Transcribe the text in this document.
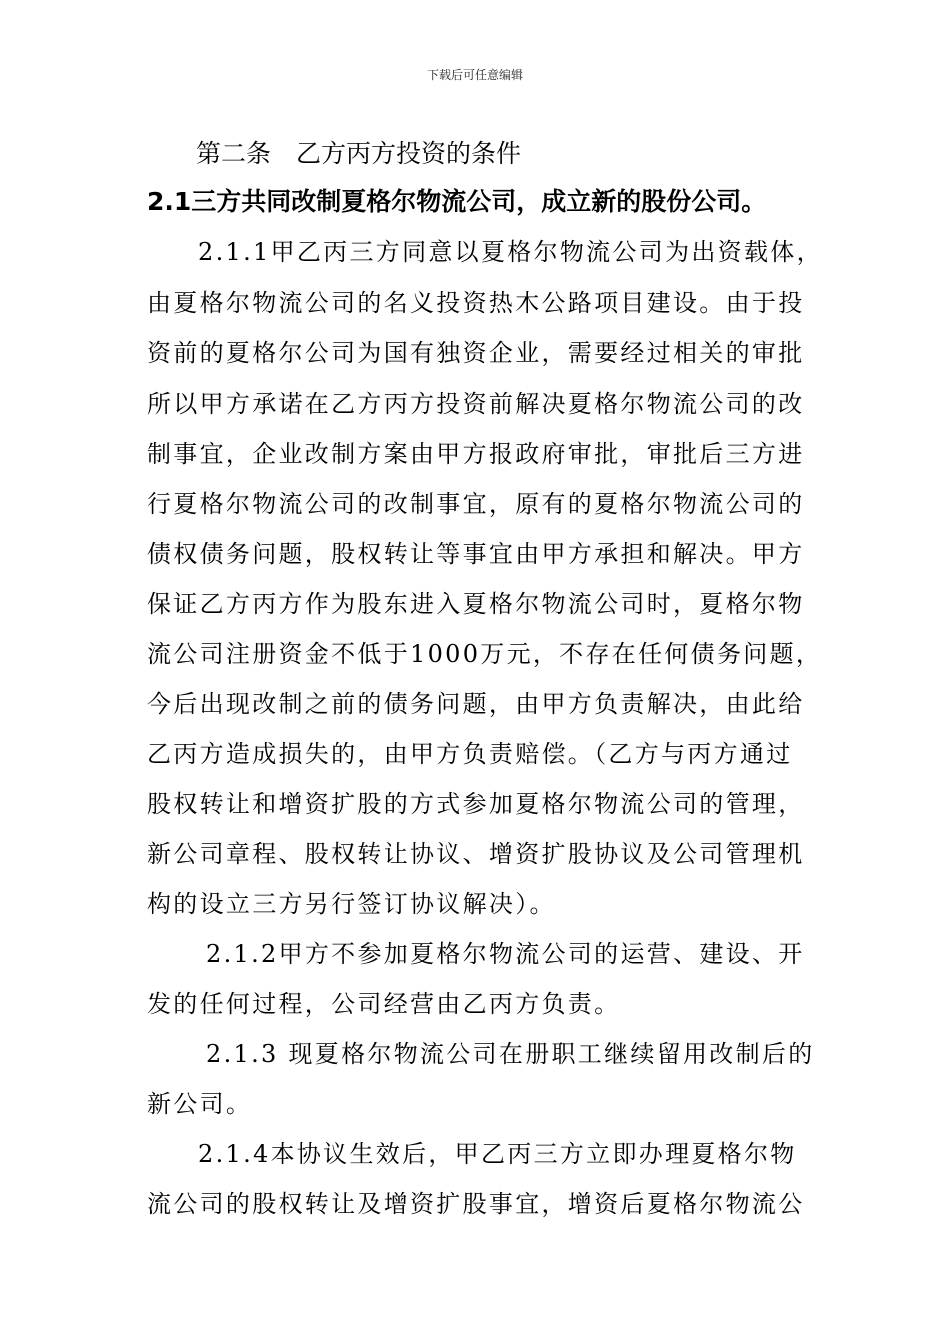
下载后可任意编辑
第二条　乙方丙方投资的条件
2.1三方共同改制夏格尔物流公司，成立新的股份公司。
2.1.1甲乙丙三方同意以夏格尔物流公司为出资载体，
由夏格尔物流公司的名义投资热木公路项目建设。由于投
资前的夏格尔公司为国有独资企业，需要经过相关的审批
所以甲方承诺在乙方丙方投资前解决夏格尔物流公司的改
制事宜，企业改制方案由甲方报政府审批，审批后三方进
行夏格尔物流公司的改制事宜，原有的夏格尔物流公司的
债权债务问题，股权转让等事宜由甲方承担和解决。甲方
保证乙方丙方作为股东进入夏格尔物流公司时，夏格尔物
流公司注册资金不低于1000万元，不存在任何债务问题，
今后出现改制之前的债务问题，由甲方负责解决，由此给
乙丙方造成损失的，由甲方负责赔偿。（乙方与丙方通过
股权转让和增资扩股的方式参加夏格尔物流公司的管理，
新公司章程、股权转让协议、增资扩股协议及公司管理机
构的设立三方另行签订协议解决）。
2.1.2甲方不参加夏格尔物流公司的运营、建设、开
发的任何过程，公司经营由乙丙方负责。
2.1.3 现夏格尔物流公司在册职工继续留用改制后的
新公司。
2.1.4本协议生效后，甲乙丙三方立即办理夏格尔物
流公司的股权转让及增资扩股事宜，增资后夏格尔物流公
